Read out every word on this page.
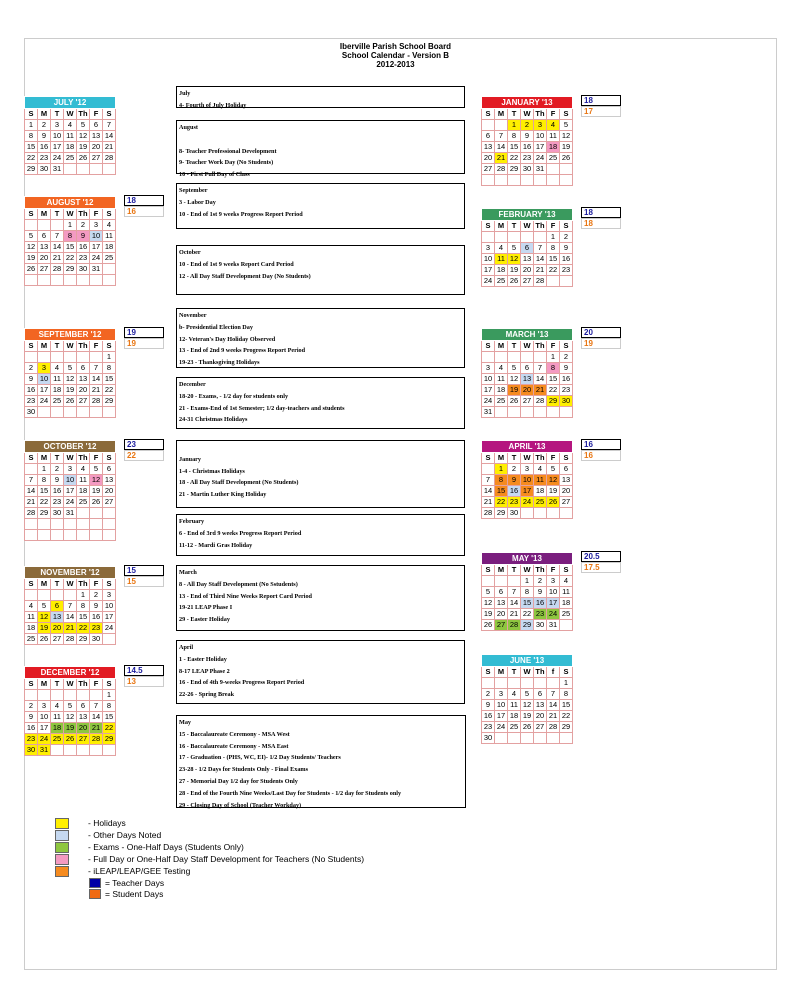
Iberville Parish School Board
School Calendar - Version B
2012-2013
JULY '12						
S	M	T	W	Th	F	S
1	2	3	4	5	6	7
8	9	10	11	12	13	14
15	16	17	18	19	20	21
22	23	24	25	26	27	28
29	30	31				
AUGUST '12						
S	M	T	W	Th	F	S
			1	2	3	4
5	6	7	8	9	10	11
12	13	14	15	16	17	18
19	20	21	22	23	24	25
26	27	28	29	30	31	

18
16
SEPTEMBER '12						
S	M	T	W	Th	F	S
						1
2	3	4	5	6	7	8
9	10	11	12	13	14	15
16	17	18	19	20	21	22
23	24	25	26	27	28	29
30						
19
19
OCTOBER '12						
S	M	T	W	Th	F	S
	1	2	3	4	5	6
7	8	9	10	11	12	13
14	15	16	17	18	19	20
21	22	23	24	25	26	27
28	29	30	31			

23
22
NOVEMBER '12						
S	M	T	W	Th	F	S
				1	2	3
4	5	6	7	8	9	10
11	12	13	14	15	16	17
18	19	20	21	22	23	24
25	26	27	28	29	30	
15
15
DECEMBER '12						
S	M	T	W	Th	F	S
						1
2	3	4	5	6	7	8
9	10	11	12	13	14	15
16	17	18	19	20	21	22
23	24	25	26	27	28	29
30	31					
14.5
13
JANUARY '13						
S	M	T	W	Th	F	S
		1	2	3	4	5
6	7	8	9	10	11	12
13	14	15	16	17	18	19
20	21	22	23	24	25	26
27	28	29	30	31		

18
17
FEBRUARY '13						
S	M	T	W	Th	F	S
					1	2
3	4	5	6	7	8	9
10	11	12	13	14	15	16
17	18	19	20	21	22	23
24	25	26	27	28		
18
18
MARCH '13						
S	M	T	W	Th	F	S
					1	2
3	4	5	6	7	8	9
10	11	12	13	14	15	16
17	18	19	20	21	22	23
24	25	26	27	28	29	30
31						
20
19
APRIL '13						
S	M	T	W	Th	F	S
	1	2	3	4	5	6
7	8	9	10	11	12	13
14	15	16	17	18	19	20
21	22	23	24	25	26	27
28	29	30				
16
16
MAY '13						
S	M	T	W	Th	F	S
			1	2	3	4
5	6	7	8	9	10	11
12	13	14	15	16	17	18
19	20	21	22	23	24	25
26	27	28	29	30	31	
20.5
17.5
JUNE '13						
S	M	T	W	Th	f	S
						1
2	3	4	5	6	7	8
9	10	11	12	13	14	15
16	17	18	19	20	21	22
23	24	25	26	27	28	29
30						
July
4- Fourth of July Holiday
August

8- Teacher Professional Development
9- Teacher Work Day (No Students)
10 - First Full Day of Class
September
3 - Labor Day
10 - End of 1st 9 weeks Progress Report Period
October
10 - End of 1st 9 weeks Report Card Period
12 - All Day Staff Development Day (No Students)
November
b- Presidential Election Day
12- Veteran's Day Holiday Observed
13 - End of 2nd 9 weeks Progress Report Period
19-23 - Thanksgiving Holidays
December
18-20 - Exams, - 1/2 day for students only
21 - Exams-End of 1st Semester; 1/2 day-teachers and students
24-31 Christmas Holidays

January
1-4 - Christmas Holidays
18 - All Day Staff Development (No Students)
21 - Martin Luther King Holiday
February
6 - End of 3rd 9 weeks Progress Report Period
11-12 - Mardi Gras Holiday
March
8 - All Day Staff Development (No Sstudents)
13 - End of Third Nine Weeks Report Card Period
19-21 LEAP Phase I
29 - Easter Holiday
April
1 - Easter Holiday
8-17 LEAP Phase 2
16 - End of 4th 9-weeks Progress Report Period
22-26 - Spring Break
May
15 - Baccalaureate Ceremony - MSA West
16 - Baccalaureate Ceremony - MSA East
17 - Graduation - (PHS, WC, EI)- 1/2 Day Students/ Teachers
23-28 - 1/2 Days for Students Only - Final Exams
27 - Memorial Day 1/2 day for Students Only
28 - End of the Fourth Nine Weeks/Last Day for Students - 1/2 day for Students only
29 - Closing Day of School (Teacher Workday)
- Holidays
- Other Days Noted
- Exams - One-Half Days (Students Only)
- Full Day or One-Half Day Staff Development for Teachers (No Students)
- iLEAP/LEAP/GEE Testing
= Teacher Days
= Student Days
